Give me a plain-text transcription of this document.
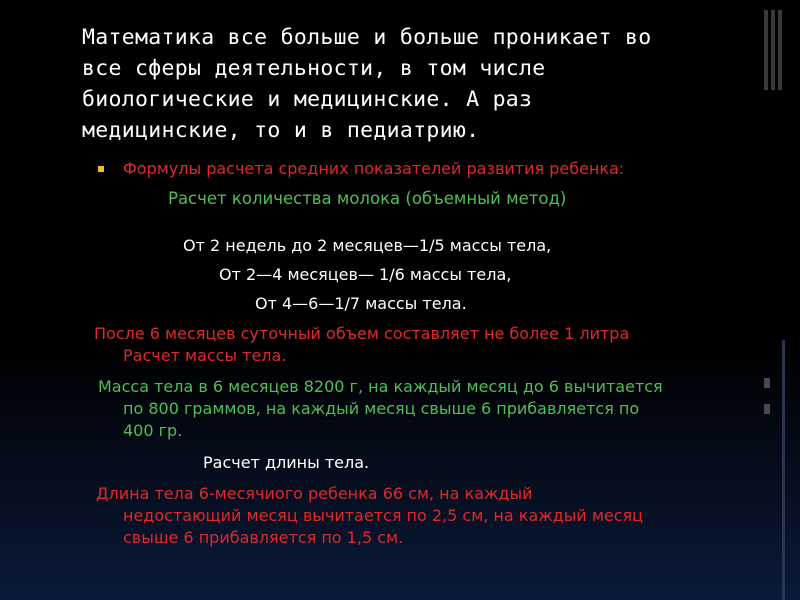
Математика все больше и больше проникает во
все сферы деятельности, в том числе
биологические и медицинские. А раз
медицинские, то и в педиатрию.
Формулы расчета средних показателей развития ребенка:
Расчет количества молока (объемный метод)
От 2 недель до 2 месяцев—1/5 массы тела,
От 2—4 месяцев— 1/6 массы тела,
От 4—6—1/7 массы тела.
После 6 месяцев суточный объем составляет не более 1 литра
Расчет массы тела.
Масса тела в 6 месяцев 8200 г, на каждый месяц до 6 вычитается
по 800 граммов, на каждый месяц свыше 6 прибавляется по
400 гр.
Расчет длины тела.
Длина тела 6-месячиого ребенка 66 см, на каждый
недостающий месяц вычитается по 2,5 см, на каждый месяц
свыше 6 прибавляется по 1,5 см.
